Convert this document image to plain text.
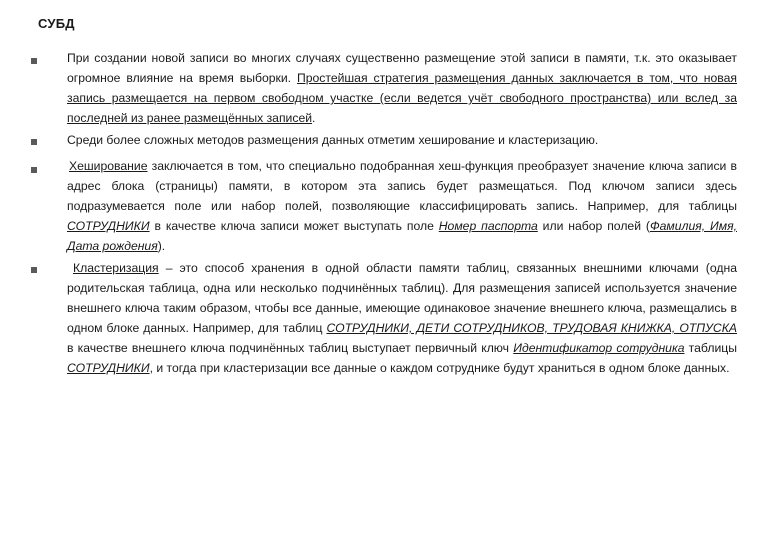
СУБД

При создании новой записи во многих случаях существенно размещение этой записи в памяти, т.к. это оказывает огромное влияние на время выборки. Простейшая стратегия размещения данных заключается в том, что новая запись размещается на первом свободном участке (если ведется учёт свободного пространства) или вслед за последней из ранее размещённых записей.

Среди более сложных методов размещения данных отметим хеширование и кластеризацию.

Хеширование заключается в том, что специально подобранная хеш-функция преобразует значение ключа записи в адрес блока (страницы) памяти, в котором эта запись будет размещаться. Под ключом записи здесь подразумевается поле или набор полей, позволяющие классифицировать запись. Например, для таблицы СОТРУДНИКИ в качестве ключа записи может выступать поле Номер паспорта или набор полей (Фамилия, Имя, Дата рождения).

Кластеризация – это способ хранения в одной области памяти таблиц, связанных внешними ключами (одна родительская таблица, одна или несколько подчинённых таблиц). Для размещения записей используется значение внешнего ключа таким образом, чтобы все данные, имеющие одинаковое значение внешнего ключа, размещались в одном блоке данных. Например, для таблиц СОТРУДНИКИ, ДЕТИ СОТРУДНИКОВ, ТРУДОВАЯ КНИЖКА, ОТПУСКА в качестве внешнего ключа подчинённых таблиц выступает первичный ключ Идентификатор сотрудника таблицы СОТРУДНИКИ, и тогда при кластеризации все данные о каждом сотруднике будут храниться в одном блоке данных.
